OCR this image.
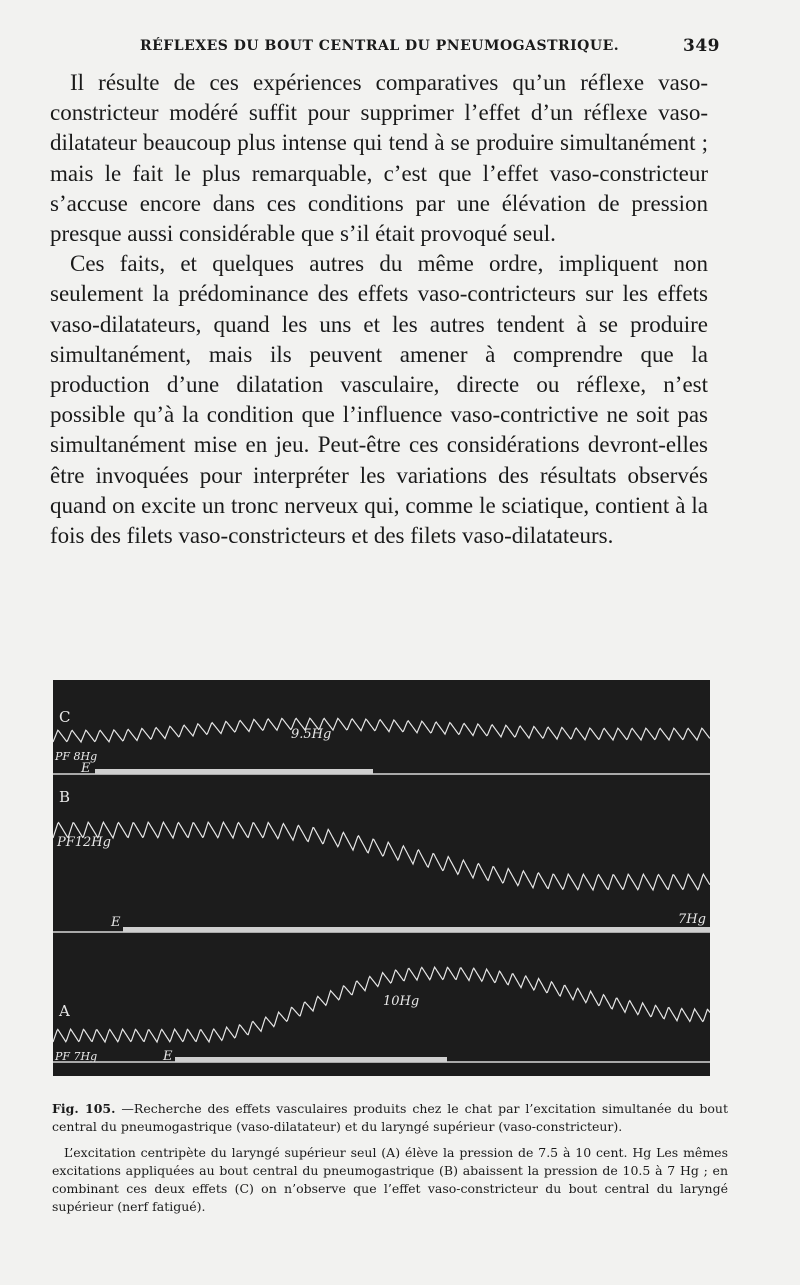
RÉFLEXES DU BOUT CENTRAL DU PNEUMOGASTRIQUE.	349

Il résulte de ces expériences comparatives qu’un réflexe vaso-constricteur modéré suffit pour supprimer l’effet d’un réflexe vaso-dilatateur beaucoup plus intense qui tend à se produire simultanément ; mais le fait le plus remarquable, c’est que l’effet vaso-constricteur s’accuse encore dans ces conditions par une élévation de pression presque aussi considérable que s’il était provoqué seul.

Ces faits, et quelques autres du même ordre, impliquent non seulement la prédominance des effets vaso-contricteurs sur les effets vaso-dilatateurs, quand les uns et les autres tendent à se produire simultanément, mais ils peuvent amener à comprendre que la production d’une dilatation vasculaire, directe ou réflexe, n’est possible qu’à la condition que l’influence vaso-contrictive ne soit pas simultanément mise en jeu. Peut-être ces considérations devront-elles être invoquées pour interpréter les variations des résultats observés quand on excite un tronc nerveux qui, comme le sciatique, contient à la fois des filets vaso-constricteurs et des filets vaso-dilatateurs.

C
9.5Hg
PF 8Hg
E
B
PF12Hg
7Hg
E
A
10Hg
PF 7Hg	E

Fig. 105. —Recherche des effets vasculaires produits chez le chat par l’excitation simultanée du bout central du pneumogastrique (vaso-dilatateur) et du laryngé supérieur (vaso-constricteur).

L’excitation centripète du laryngé supérieur seul (A) élève la pression de 7.5 à 10 cent. Hg Les mêmes excitations appliquées au bout central du pneumogastrique (B) abaissent la pression de 10.5 à 7 Hg ; en combinant ces deux effets (C) on n’observe que l’effet vaso-constricteur du bout central du laryngé supérieur (nerf fatigué).
